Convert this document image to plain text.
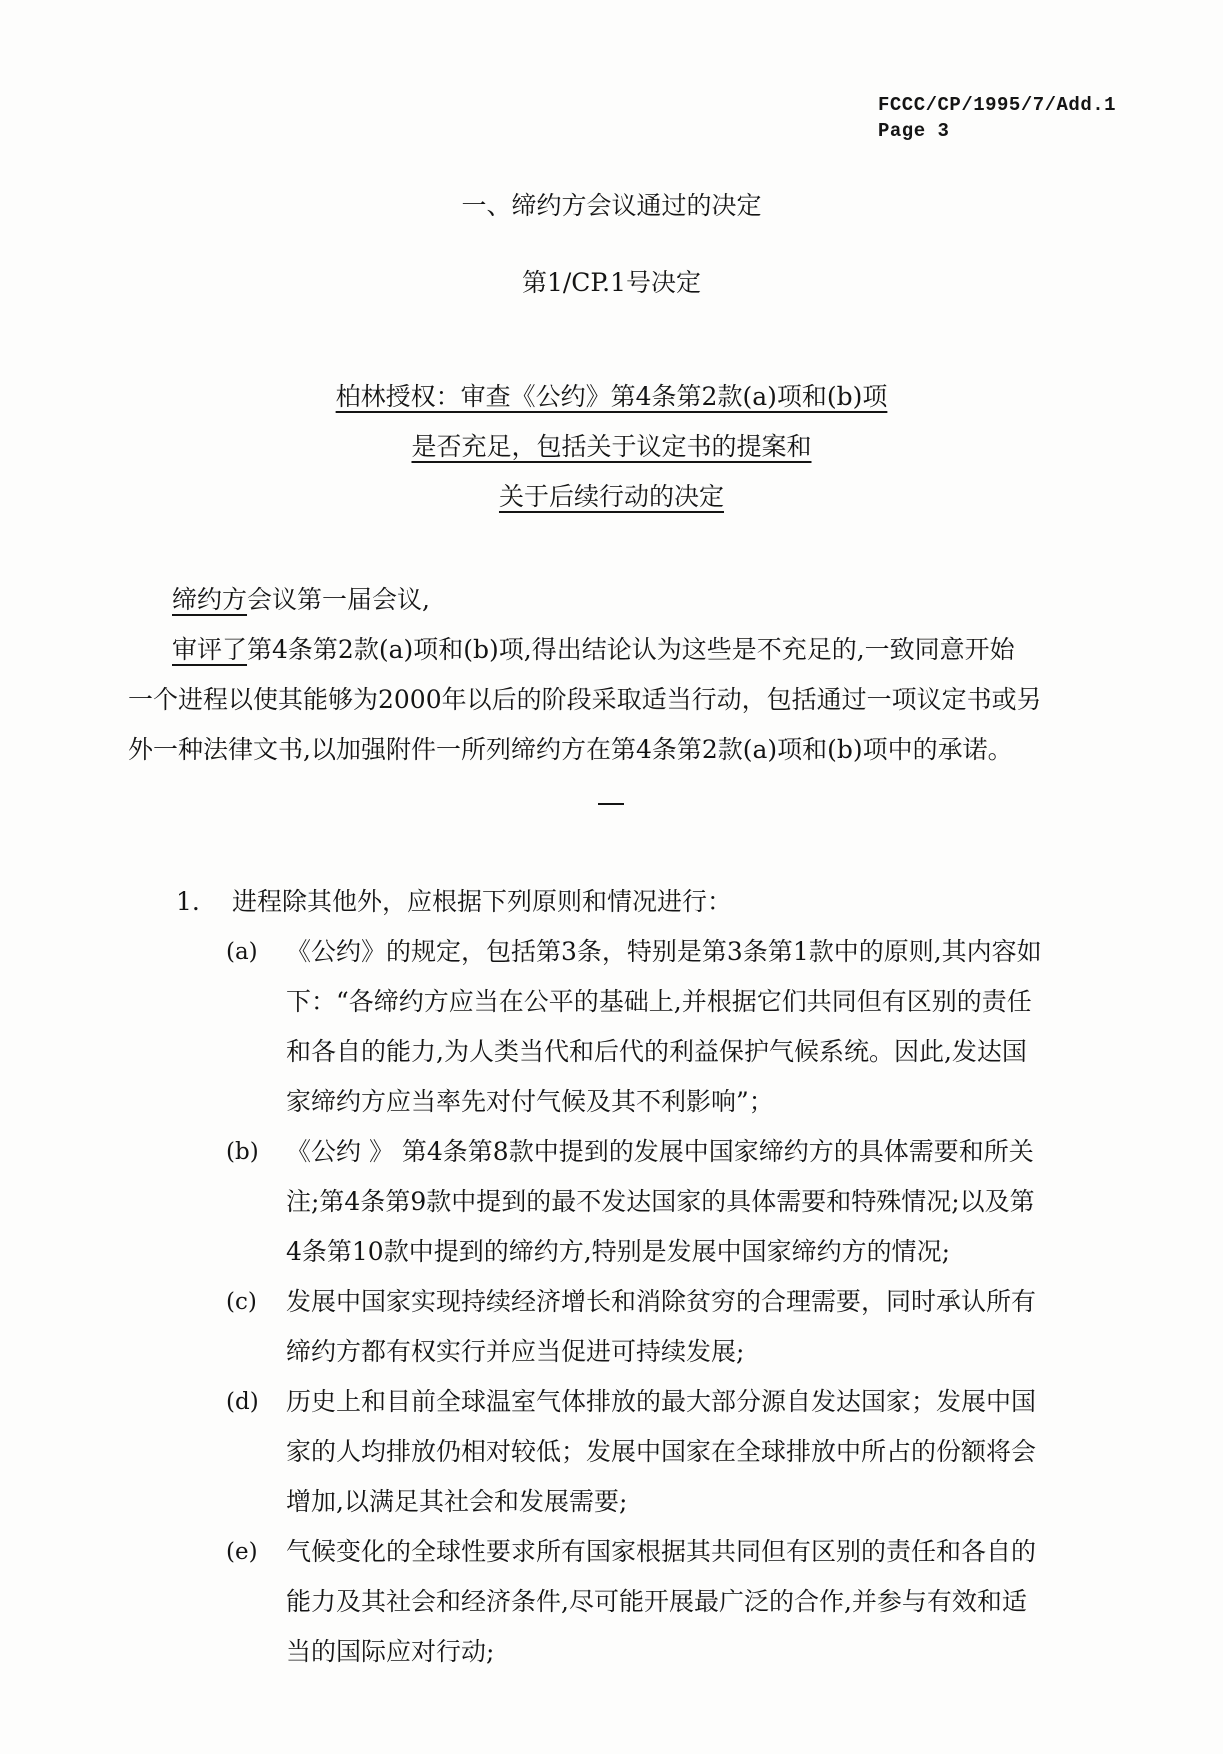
FCCC/CP/1995/7/Add.1
Page 3
一、缔约方会议通过的决定
第1/CP.1号决定
柏林授权：审查《公约》第4条第2款(a)项和(b)项
是否充足，包括关于议定书的提案和
关于后续行动的决定
缔约方会议第一届会议,
审评了第4条第2款(a)项和(b)项,得出结论认为这些是不充足的,一致同意开始
一个进程以使其能够为2000年以后的阶段采取适当行动，包括通过一项议定书或另
外一种法律文书,以加强附件一所列缔约方在第4条第2款(a)项和(b)项中的承诺。
1. 进程除其他外，应根据下列原则和情况进行：
(a) 《公约》的规定，包括第3条，特别是第3条第1款中的原则,其内容如
下：“各缔约方应当在公平的基础上,并根据它们共同但有区别的责任
和各自的能力,为人类当代和后代的利益保护气候系统。因此,发达国
家缔约方应当率先对付气候及其不利影响”；
(b) 《公约 》 第4条第8款中提到的发展中国家缔约方的具体需要和所关
注;第4条第9款中提到的最不发达国家的具体需要和特殊情况;以及第
4条第10款中提到的缔约方,特别是发展中国家缔约方的情况;
(c) 发展中国家实现持续经济增长和消除贫穷的合理需要，同时承认所有
缔约方都有权实行并应当促进可持续发展;
(d) 历史上和目前全球温室气体排放的最大部分源自发达国家；发展中国
家的人均排放仍相对较低；发展中国家在全球排放中所占的份额将会
增加,以满足其社会和发展需要;
(e) 气候变化的全球性要求所有国家根据其共同但有区别的责任和各自的
能力及其社会和经济条件,尽可能开展最广泛的合作,并参与有效和适
当的国际应对行动;
